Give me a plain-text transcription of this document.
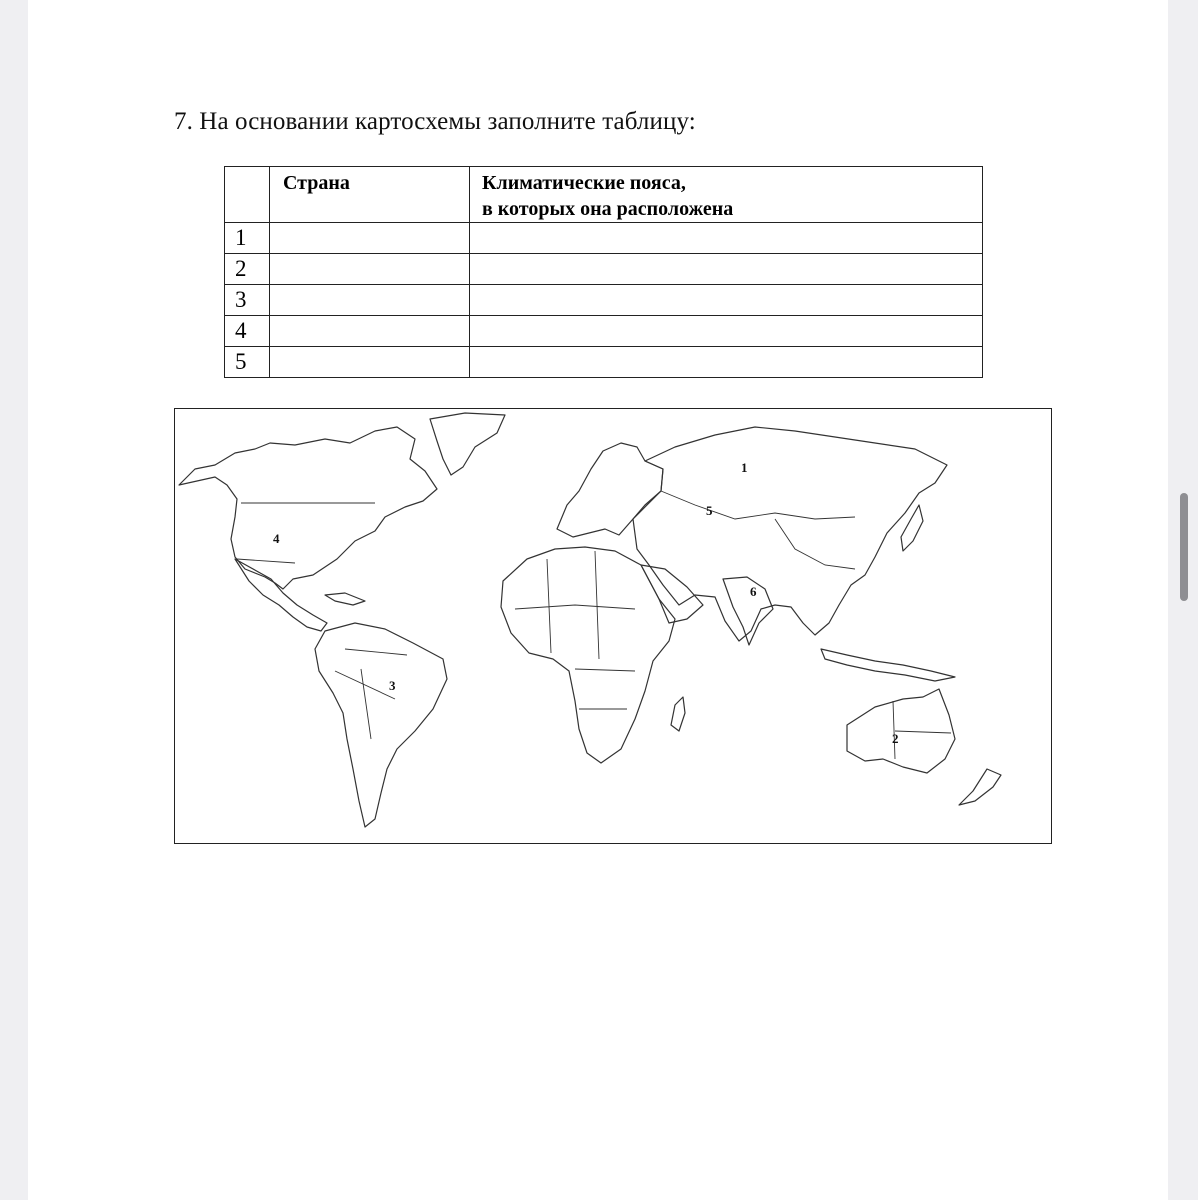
7. На основании картосхемы заполните таблицу:

	Страна	Климатические пояса,
в которых она расположена

1		
2		
3		
4		
5		
1
2
3
4
5
6
